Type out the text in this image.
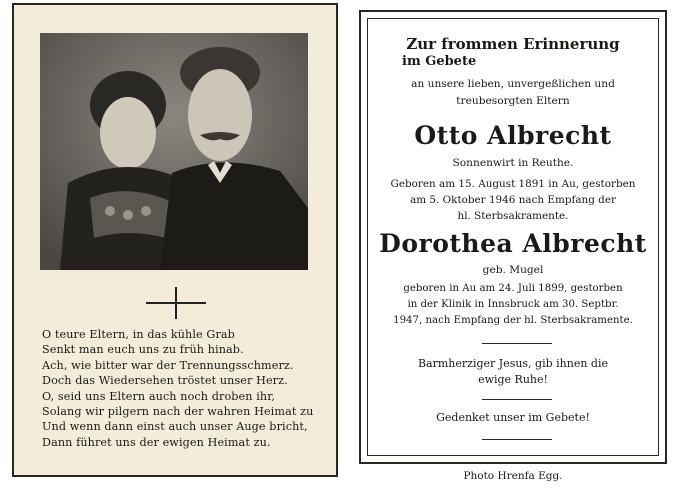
O teure Eltern, in das kühle Grab
Senkt man euch uns zu früh hinab.
Ach, wie bitter war der Trennungsschmerz.
Doch das Wiedersehen tröstet unser Herz.
O, seid uns Eltern auch noch droben ihr,
Solang wir pilgern nach der wahren Heimat zu
Und wenn dann einst auch unser Auge bricht,
Dann führet uns der ewigen Heimat zu.
Zur frommen Erinnerung
im Gebete
an unsere lieben, unvergeßlichen und
treubesorgten Eltern
Otto Albrecht
Sonnenwirt in Reuthe.
Geboren am 15. August 1891 in Au, gestorben
am 5. Oktober 1946 nach Empfang der
hl. Sterbsakramente.
Dorothea Albrecht
geb. Mugel
geboren in Au am 24. Juli 1899, gestorben
in der Klinik in Innsbruck am 30. Septbr.
1947, nach Empfang der hl. Sterbsakramente.
Barmherziger Jesus, gib ihnen die
ewige Ruhe!
Gedenket unser im Gebete!
Photo Hrenfa Egg.
